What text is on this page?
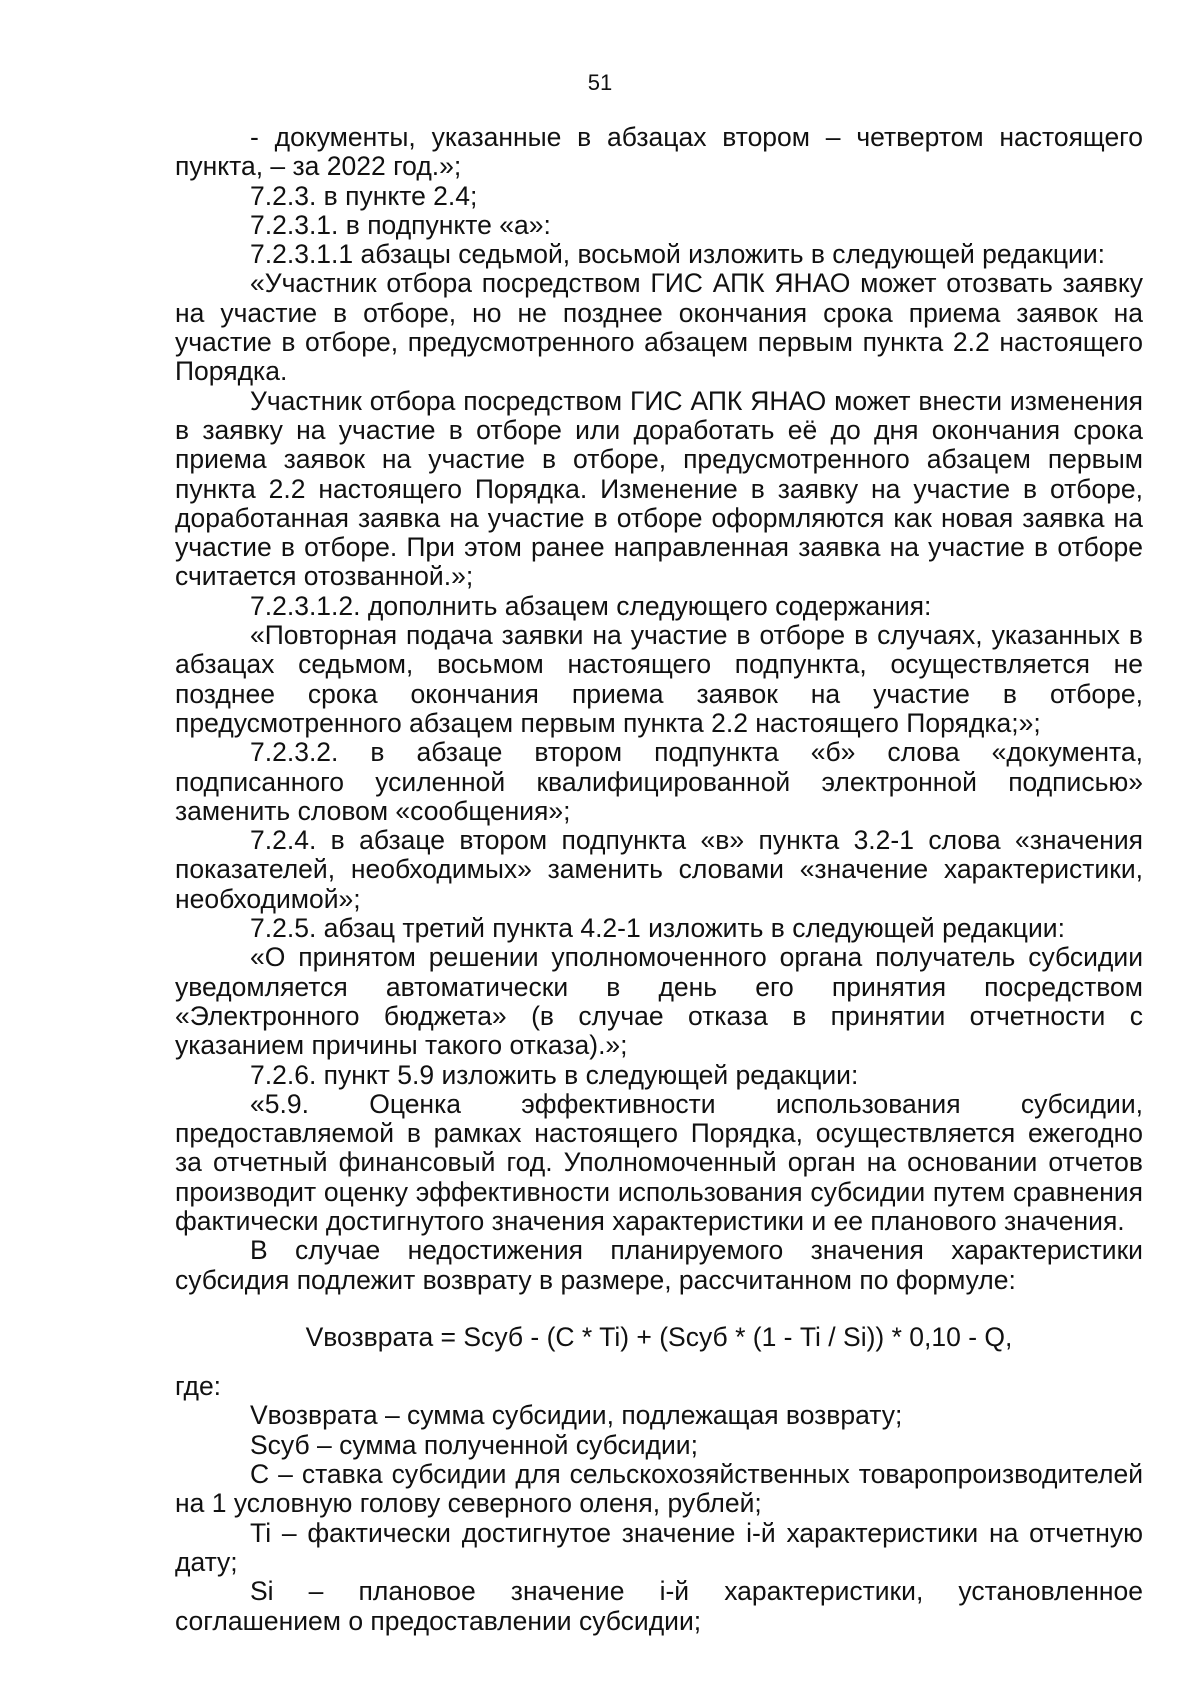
51

- документы, указанные в абзацах втором – четвертом настоящего пункта, – за 2022 год.»;

7.2.3. в пункте 2.4;

7.2.3.1. в подпункте «а»:

7.2.3.1.1 абзацы седьмой, восьмой изложить в следующей редакции:

«Участник отбора посредством ГИС АПК ЯНАО может отозвать заявку на участие в отборе, но не позднее окончания срока приема заявок на участие в отборе, предусмотренного абзацем первым пункта 2.2 настоящего Порядка.

Участник отбора посредством ГИС АПК ЯНАО может внести изменения в заявку на участие в отборе или доработать её до дня окончания срока приема заявок на участие в отборе, предусмотренного абзацем первым пункта 2.2 настоящего Порядка. Изменение в заявку на участие в отборе, доработанная заявка на участие в отборе оформляются как новая заявка на участие в отборе. При этом ранее направленная заявка на участие в отборе считается отозванной.»;

7.2.3.1.2. дополнить абзацем следующего содержания:

«Повторная подача заявки на участие в отборе в случаях, указанных в абзацах седьмом, восьмом настоящего подпункта, осуществляется не позднее срока окончания приема заявок на участие в отборе, предусмотренного абзацем первым пункта 2.2 настоящего Порядка;»;

7.2.3.2. в абзаце втором подпункта «б» слова «документа, подписанного усиленной квалифицированной электронной подписью» заменить словом «сообщения»;

7.2.4. в абзаце втором подпункта «в» пункта 3.2-1 слова «значения показателей, необходимых» заменить словами «значение характеристики, необходимой»;

7.2.5. абзац третий пункта 4.2-1 изложить в следующей редакции:

«О принятом решении уполномоченного органа получатель субсидии уведомляется автоматически в день его принятия посредством «Электронного бюджета» (в случае отказа в принятии отчетности с указанием причины такого отказа).»;

7.2.6. пункт 5.9 изложить в следующей редакции:

«5.9. Оценка эффективности использования субсидии, предоставляемой в рамках настоящего Порядка, осуществляется ежегодно за отчетный финансовый год. Уполномоченный орган на основании отчетов производит оценку эффективности использования субсидии путем сравнения фактически достигнутого значения характеристики и ее планового значения.

В случае недостижения планируемого значения характеристики субсидия подлежит возврату в размере, рассчитанном по формуле:

Vвозврата = Sсуб - (C * Ti) + (Sсуб * (1 - Ti / Si)) * 0,10 - Q,

где:

Vвозврата – сумма субсидии, подлежащая возврату;

Sсуб – сумма полученной субсидии;

C – ставка субсидии для сельскохозяйственных товаропроизводителей на 1 условную голову северного оленя, рублей;

Ti – фактически достигнутое значение i-й характеристики на отчетную дату;

Si – плановое значение i-й характеристики, установленное соглашением о предоставлении субсидии;
